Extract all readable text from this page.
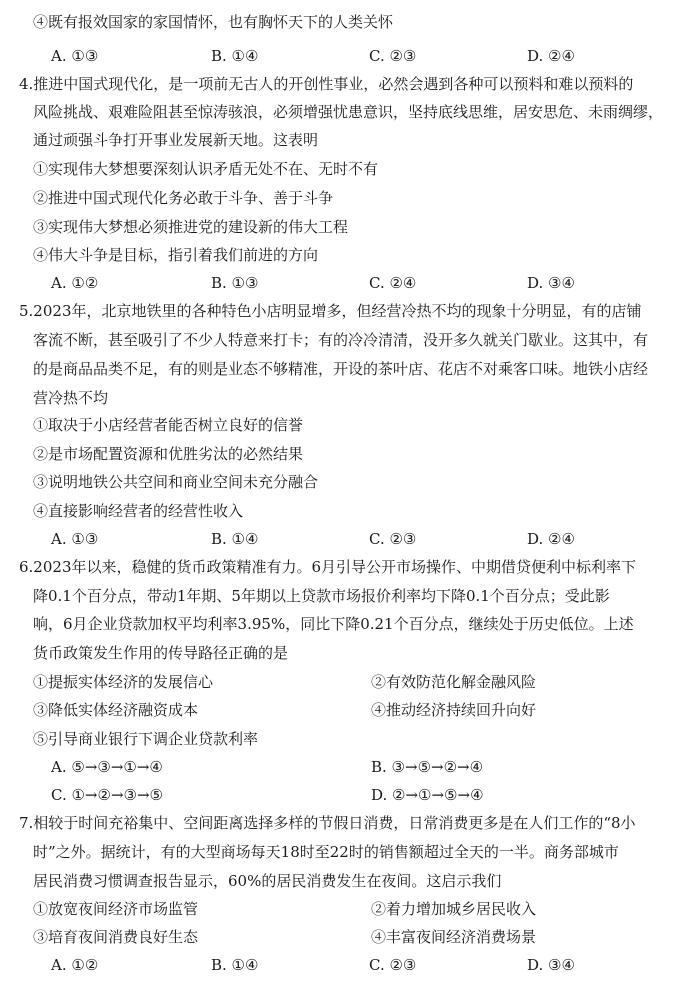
④既有报效国家的家国情怀，也有胸怀天下的人类关怀
A. ①③	B. ①④	C. ②③	D. ②④
4.推进中国式现代化，是一项前无古人的开创性事业，必然会遇到各种可以预料和难以预料的
风险挑战、艰难险阻甚至惊涛骇浪，必须增强忧患意识，坚持底线思维，居安思危、未雨绸缪，
通过顽强斗争打开事业发展新天地。这表明
①实现伟大梦想要深刻认识矛盾无处不在、无时不有
②推进中国式现代化务必敢于斗争、善于斗争
③实现伟大梦想必须推进党的建设新的伟大工程
④伟大斗争是目标，指引着我们前进的方向
A. ①②	B. ①③	C. ②④	D. ③④
5.2023年，北京地铁里的各种特色小店明显增多，但经营冷热不均的现象十分明显，有的店铺
客流不断，甚至吸引了不少人特意来打卡；有的冷冷清清，没开多久就关门歇业。这其中，有
的是商品品类不足，有的则是业态不够精准，开设的茶叶店、花店不对乘客口味。地铁小店经
营冷热不均
①取决于小店经营者能否树立良好的信誉
②是市场配置资源和优胜劣汰的必然结果
③说明地铁公共空间和商业空间未充分融合
④直接影响经营者的经营性收入
A. ①③	B. ①④	C. ②③	D. ②④
6.2023年以来，稳健的货币政策精准有力。6月引导公开市场操作、中期借贷便利中标利率下
降0.1个百分点，带动1年期、5年期以上贷款市场报价利率均下降0.1个百分点；受此影
响，6月企业贷款加权平均利率3.95%，同比下降0.21个百分点，继续处于历史低位。上述
货币政策发生作用的传导路径正确的是
①提振实体经济的发展信心	②有效防范化解金融风险
③降低实体经济融资成本	④推动经济持续回升向好
⑤引导商业银行下调企业贷款利率
A. ⑤→③→①→④	B. ③→⑤→②→④
C. ①→②→③→⑤	D. ②→①→⑤→④
7.相较于时间充裕集中、空间距离选择多样的节假日消费，日常消费更多是在人们工作的“8小
时”之外。据统计，有的大型商场每天18时至22时的销售额超过全天的一半。商务部城市
居民消费习惯调查报告显示，60%的居民消费发生在夜间。这启示我们
①放宽夜间经济市场监管	②着力增加城乡居民收入
③培育夜间消费良好生态	④丰富夜间经济消费场景
A. ①②	B. ①④	C. ②③	D. ③④
